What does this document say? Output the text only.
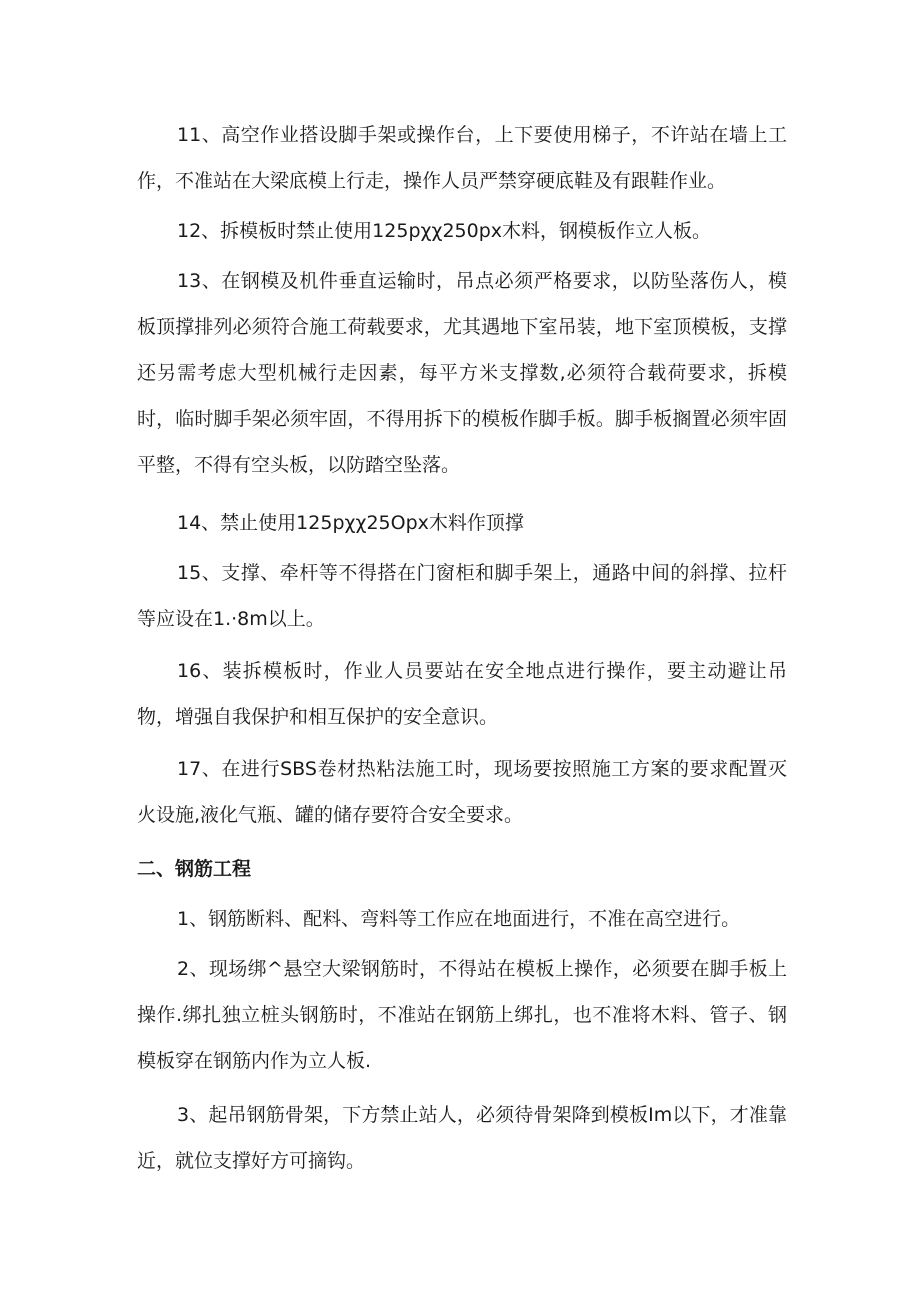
11、高空作业搭设脚手架或操作台，上下要使用梯子，不许站在墙上工作，不准站在大梁底模上行走，操作人员严禁穿硬底鞋及有跟鞋作业。

12、拆模板时禁止使用125pχχ250px木料，钢模板作立人板。

13、在钢模及机件垂直运输时，吊点必须严格要求，以防坠落伤人，模板顶撑排列必须符合施工荷载要求，尤其遇地下室吊装，地下室顶模板，支撑还另需考虑大型机械行走因素，每平方米支撑数,必须符合载荷要求，拆模时，临时脚手架必须牢固，不得用拆下的模板作脚手板。脚手板搁置必须牢固平整，不得有空头板，以防踏空坠落。

14、禁止使用125pχχ25Opx木料作顶撑

15、支撑、牵杆等不得搭在门窗柜和脚手架上，通路中间的斜撑、拉杆等应设在1.·8m以上。

16、装拆模板时，作业人员要站在安全地点进行操作，要主动避让吊物，增强自我保护和相互保护的安全意识。

17、在进行SBS卷材热粘法施工时，现场要按照施工方案的要求配置灭火设施,液化气瓶、罐的储存要符合安全要求。

二、钢筋工程

1、钢筋断料、配料、弯料等工作应在地面进行，不准在高空进行。

2、现场绑^悬空大梁钢筋时，不得站在模板上操作，必须要在脚手板上操作.绑扎独立桩头钢筋时，不准站在钢筋上绑扎，也不准将木料、管子、钢模板穿在钢筋内作为立人板.

3、起吊钢筋骨架，下方禁止站人，必须待骨架降到模板Im以下，才准靠近，就位支撑好方可摘钩。
